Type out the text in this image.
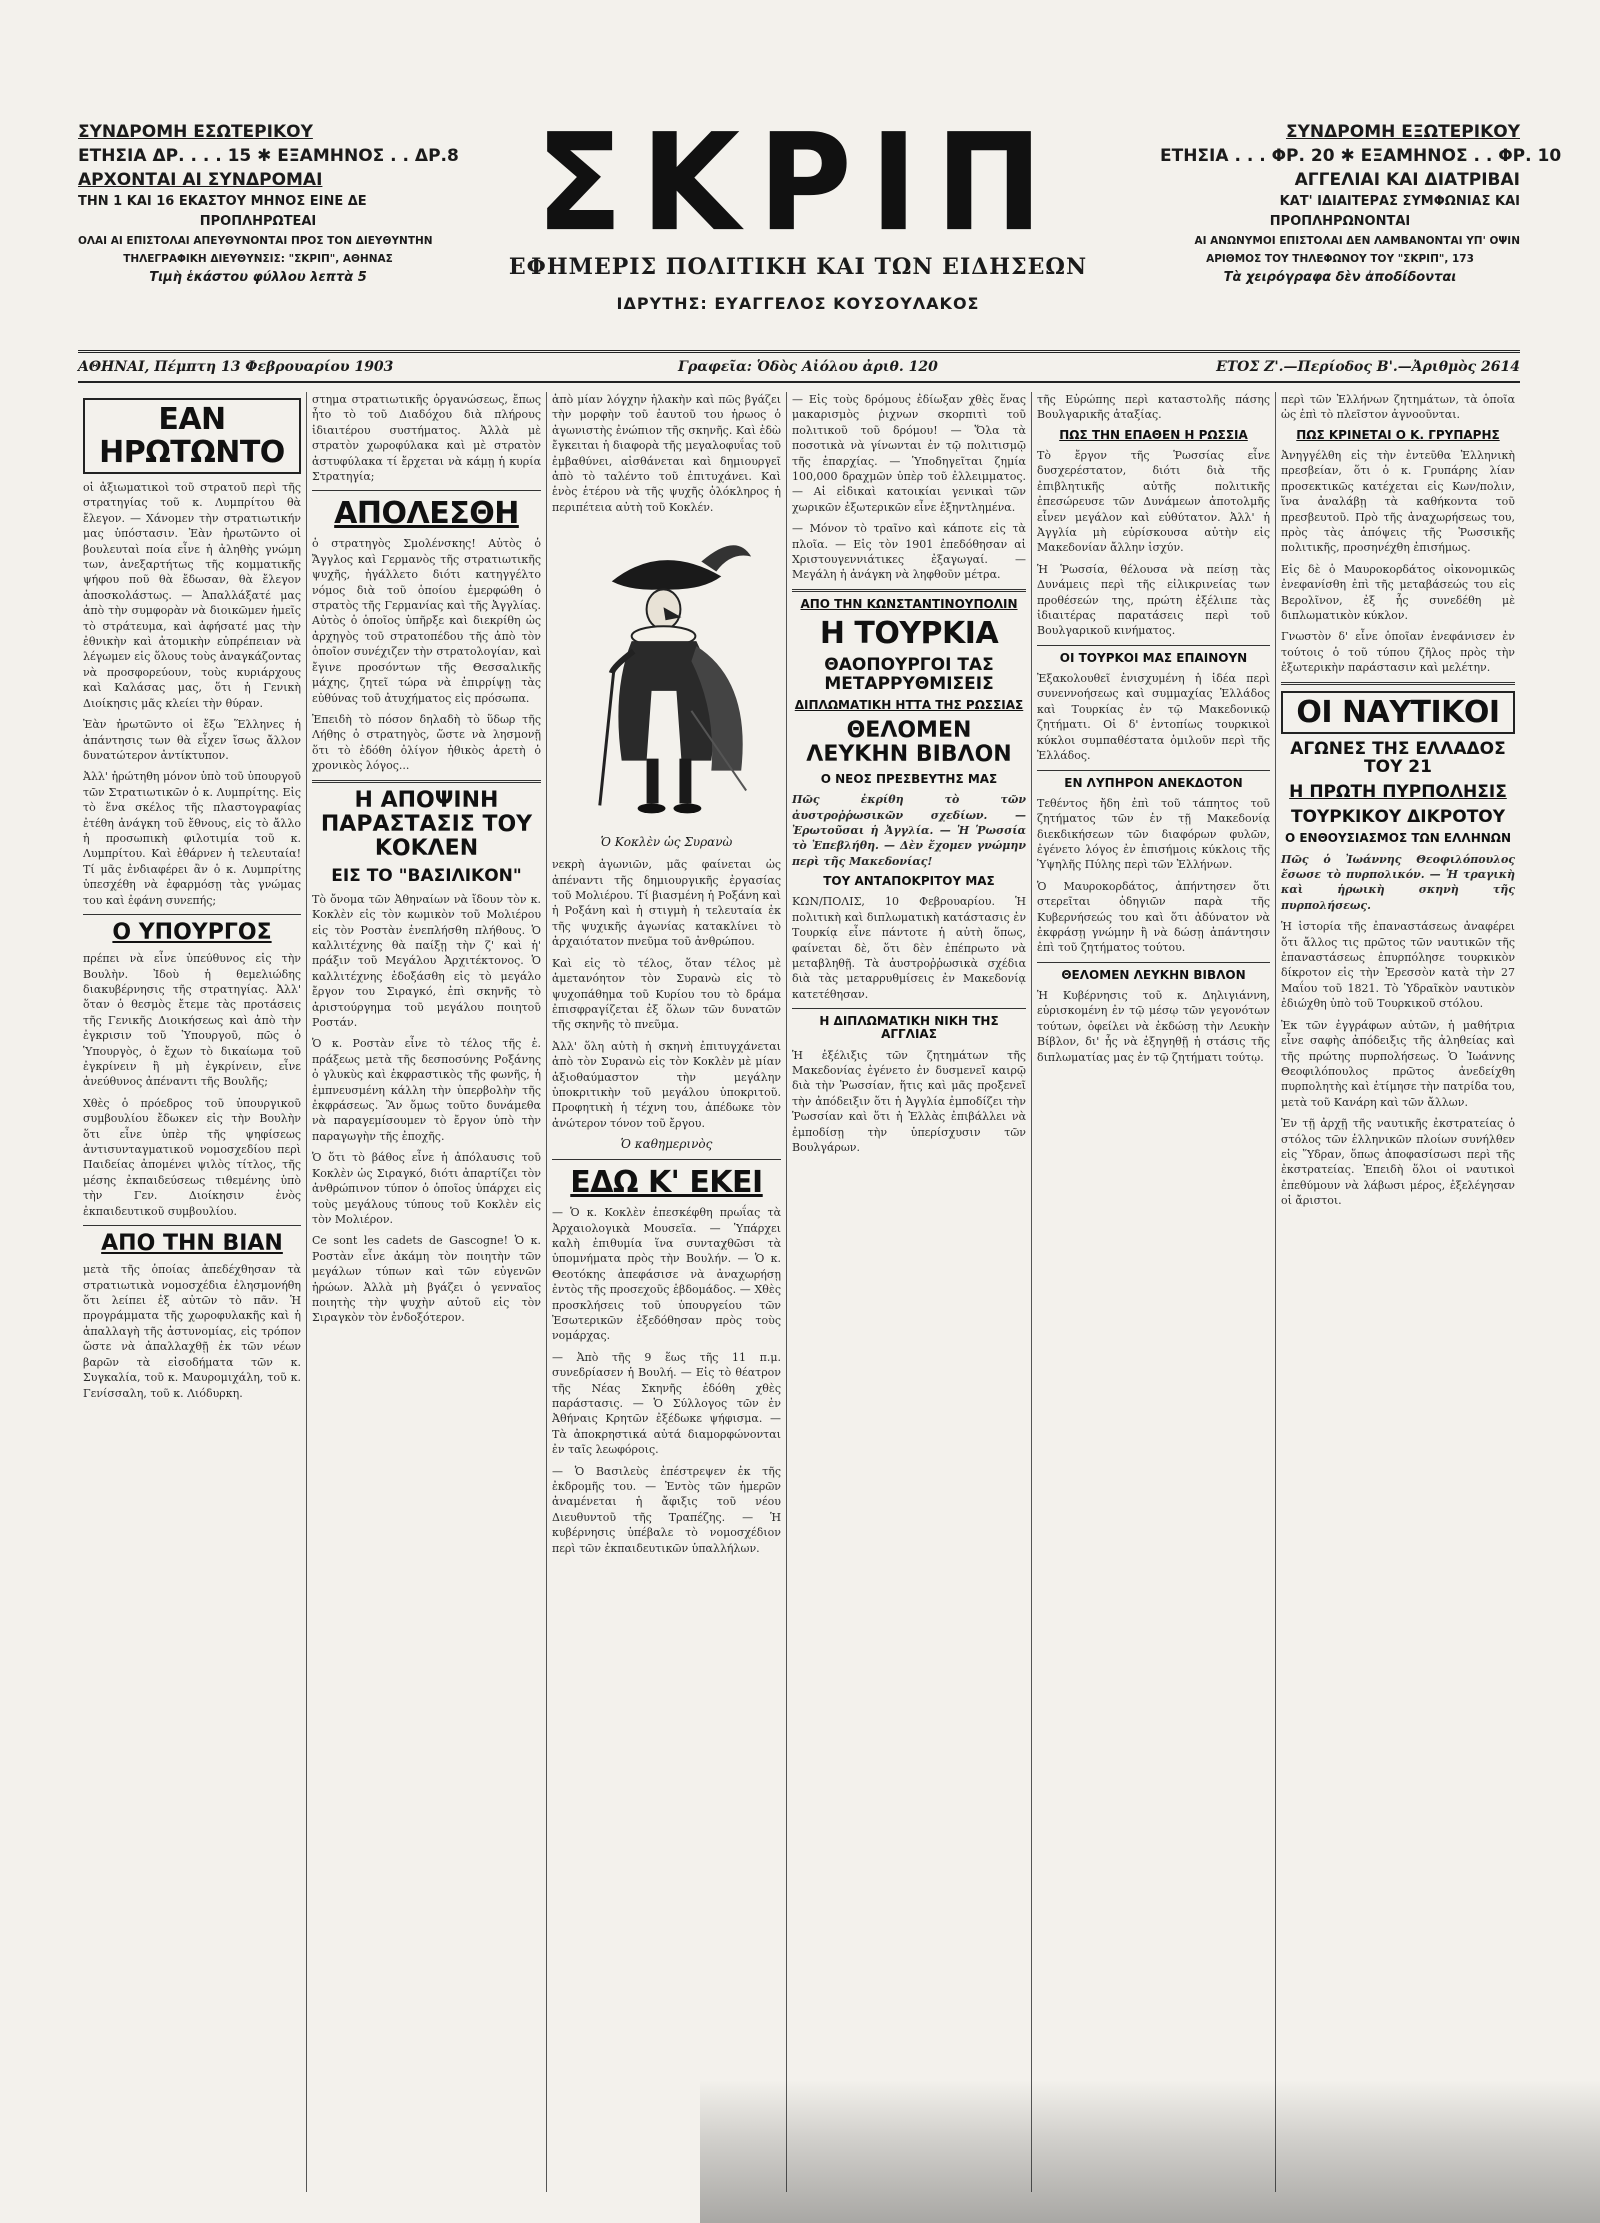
ΣΥΝΔΡΟΜΗ ΕΣΩΤΕΡΙΚΟΥ
ΕΤΗΣΙΑ ΔΡ. . . . 15 ✱ ΕΞΑΜΗΝΟΣ . . ΔΡ.8
ΑΡΧΟΝΤΑΙ ΑΙ ΣΥΝΔΡΟΜΑΙ
ΤΗΝ 1 ΚΑΙ 16 ΕΚΑΣΤΟΥ ΜΗΝΟΣ ΕΙΝΕ ΔΕ
ΠΡΟΠΛΗΡΩΤΕΑΙ
ΟΛΑΙ ΑΙ ΕΠΙΣΤΟΛΑΙ ΑΠΕΥΘΥΝΟΝΤΑΙ ΠΡΟΣ ΤΟΝ ΔΙΕΥΘΥΝΤΗΝ
ΤΗΛΕΓΡΑΦΙΚΗ ΔΙΕΥΘΥΝΣΙΣ: "ΣΚΡΙΠ", ΑΘΗΝΑΣ
Τιμὴ ἑκάστου φύλλου λεπτὰ 5
ΣΚΡΙΠ
ΕΦΗΜΕΡΙΣ ΠΟΛΙΤΙΚΗ ΚΑΙ ΤΩΝ ΕΙΔΗΣΕΩΝ
ΙΔΡΥΤΗΣ: ΕΥΑΓΓΕΛΟΣ ΚΟΥΣΟΥΛΑΚΟΣ
ΣΥΝΔΡΟΜΗ ΕΞΩΤΕΡΙΚΟΥ
ΕΤΗΣΙΑ . . . ΦΡ. 20 ✱ ΕΞΑΜΗΝΟΣ . . ΦΡ. 10
ΑΓΓΕΛΙΑΙ ΚΑΙ ΔΙΑΤΡΙΒΑΙ
ΚΑΤ' ΙΔΙΑΙΤΕΡΑΣ ΣΥΜΦΩΝΙΑΣ ΚΑΙ
ΠΡΟΠΛΗΡΩΝΟΝΤΑΙ
ΑΙ ΑΝΩΝΥΜΟΙ ΕΠΙΣΤΟΛΑΙ ΔΕΝ ΛΑΜΒΑΝΟΝΤΑΙ ΥΠ' ΟΨΙΝ
ΑΡΙΘΜΟΣ ΤΟΥ ΤΗΛΕΦΩΝΟΥ ΤΟΥ "ΣΚΡΙΠ", 173
Τὰ χειρόγραφα δὲν ἀποδίδονται
ΑΘΗΝΑΙ, Πέμπτη 13 Φεβρουαρίου 1903	Γραφεῖα: Ὁδὸς Αἰόλου ἀριθ. 120	ΕΤΟΣ Ζ'.—Περίοδος Β'.—Ἀριθμὸς 2614
ΕΑΝ ΗΡΩΤΩΝΤΟ

οἱ ἀξιωματικοὶ τοῦ στρατοῦ περὶ τῆς στρατηγίας τοῦ κ. Λυμπρίτου θὰ ἔλεγον. — Χάνομεν τὴν στρατιωτικήν μας ὑπόστασιν. Ἐὰν ἠρωτῶντο οἱ βουλευταὶ ποία εἶνε ἡ ἀληθὴς γνώμη των, ἀνεξαρτήτως τῆς κομματικῆς ψήφου ποῦ θὰ ἔδωσαν, θὰ ἔλεγον ἀποσκολάστως. — Ἀπαλλάξατέ μας ἀπὸ τὴν συμφορὰν νὰ διοικῶμεν ἡμεῖς τὸ στράτευμα, καὶ ἀφήσατέ μας τὴν ἐθνικὴν καὶ ἀτομικὴν εὐπρέπειαν νὰ λέγωμεν εἰς ὅλους τοὺς ἀναγκάζοντας νὰ προσφορεύουν, τοὺς κυριάρχους καὶ Καλάσας μας, ὅτι ἡ Γενικὴ Διοίκησις μᾶς κλείει τὴν θύραν.

Ἐὰν ἠρωτῶντο οἱ ἔξω Ἕλληνες ἡ ἀπάντησις των θὰ εἶχεν ἴσως ἄλλον δυνατώτερον ἀντίκτυπον.

Ἀλλ' ἠρώτηθη μόνον ὑπὸ τοῦ ὑπουργοῦ τῶν Στρατιωτικῶν ὁ κ. Λυμπρίτης. Εἰς τὸ ἕνα σκέλος τῆς πλαστογραφίας ἐτέθη ἀνάγκη τοῦ ἔθνους, εἰς τὸ ἄλλο ἡ προσωπικὴ φιλοτιμία τοῦ κ. Λυμπρίτου. Καὶ ἐθάρνεν ἡ τελευταία! Τί μᾶς ἐνδιαφέρει ἂν ὁ κ. Λυμπρίτης ὑπεσχέθη νὰ ἐφαρμόσῃ τὰς γνώμας του καὶ ἐφάνη συνεπής;

Ο ΥΠΟΥΡΓΟΣ

πρέπει νὰ εἶνε ὑπεύθυνος εἰς τὴν Βουλὴν. Ἰδοὺ ἡ θεμελιώδης διακυβέρνησις τῆς στρατηγίας. Ἀλλ' ὅταν ὁ θεσμὸς ἔτεμε τὰς προτάσεις τῆς Γενικῆς Διοικήσεως καὶ ἀπὸ τὴν ἐγκρισιν τοῦ Ὑπουργοῦ, πῶς ὁ Ὑπουργὸς, ὁ ἔχων τὸ δικαίωμα τοῦ ἐγκρίνειν ἢ μὴ ἐγκρίνειν, εἶνε ἀνεύθυνος ἀπέναντι τῆς Βουλῆς;

Χθὲς ὁ πρόεδρος τοῦ ὑπουργικοῦ συμβουλίου ἔδωκεν εἰς τὴν Βουλὴν ὅτι εἶνε ὑπὲρ τῆς ψηφίσεως ἀντισυνταγματικοῦ νομοσχεδίου περὶ Παιδείας ἀπομένει ψιλὸς τίτλος, τῆς μέσης ἐκπαιδεύσεως τιθεμένης ὑπὸ τὴν Γεν. Διοίκησιν ἑνὸς ἐκπαιδευτικοῦ συμβουλίου.

ΑΠΟ ΤΗΝ ΒΙΑΝ

μετὰ τῆς ὁποίας ἀπεδέχθησαν τὰ στρατιωτικὰ νομοσχέδια ἐλησμονήθη ὅτι λείπει ἐξ αὐτῶν τὸ πᾶν. Ἡ προγράμματα τῆς χωροφυλακῆς καὶ ἡ ἀπαλλαγὴ τῆς ἀστυνομίας, εἰς τρόπον ὥστε νὰ ἀπαλλαχθῇ ἐκ τῶν νέων βαρῶν τὰ εἰσοδήματα τῶν κ. Συγκαλία, τοῦ κ. Μαυρομιχάλη, τοῦ κ. Γενίσσαλη, τοῦ κ. Λιόδυρκη.

στημα στρατιωτικῆς ὀργανώσεως, ἔπως ἦτο τὸ τοῦ Διαδόχου διὰ πλήρους ἰδιαιτέρου συστήματος. Ἀλλὰ μὲ στρατὸν χωροφύλακα καὶ μὲ στρατὸν ἀστυφύλακα τί ἔρχεται νὰ κάμῃ ἡ κυρία Στρατηγία;

ΑΠΟΛΕΣΘΗ

ὁ στρατηγὸς Σμολένσκης! Αὐτὸς ὁ Ἄγγλος καὶ Γερμανὸς τῆς στρατιωτικῆς ψυχῆς, ἠγάλλετο διότι κατηγγέλτο νόμος διὰ τοῦ ὁποίου ἐμερφώθη ὁ στρατὸς τῆς Γερμανίας καὶ τῆς Ἀγγλίας. Αὐτὸς ὁ ὁποῖος ὑπῆρξε καὶ διεκρίθη ὡς ἀρχηγὸς τοῦ στρατοπέδου τῆς ἀπὸ τὸν ὁποῖον συνέχιζεν τὴν στρατολογίαν, καὶ ἔγινε προσόντων τῆς Θεσσαλικῆς μάχης, ζητεῖ τώρα νὰ ἐπιρρίψῃ τὰς εὐθύνας τοῦ ἀτυχήματος εἰς πρόσωπα.

Ἐπειδὴ τὸ πόσον δηλαδὴ τὸ ὕδωρ τῆς Λήθης ὁ στρατηγὸς, ὥστε νὰ λησμονῇ ὅτι τὸ ἐδόθη ὀλίγον ἠθικὸς ἀρετὴ ὁ χρονικὸς λόγος...

Η ΑΠΟΨΙΝΗ ΠΑΡΑΣΤΑΣΙΣ ΤΟΥ ΚΟΚΛΕΝ
ΕΙΣ ΤΟ "ΒΑΣΙΛΙΚΟΝ"

Τὸ ὄνομα τῶν Ἀθηναίων νὰ ἴδουν τὸν κ. Κοκλὲν εἰς τὸν κωμικὸν τοῦ Μολιέρου εἰς τὸν Ροστὰν ἐνεπλήσθη πλήθους. Ὁ καλλιτέχνης θὰ παίξῃ τὴν ζ' καὶ ἡ' πράξιν τοῦ Μεγάλου Ἀρχιτέκτονος. Ὁ καλλιτέχνης ἐδοξάσθη εἰς τὸ μεγάλο ἔργον του Σιραγκό, ἐπὶ σκηνῆς τὸ ἀριστούργημα τοῦ μεγάλου ποιητοῦ Ροστάν.

Ὁ κ. Ροστὰν εἶνε τὸ τέλος τῆς ἐ. πράξεως μετὰ τῆς δεσποσύνης Ροξάνης ὁ γλυκὺς καὶ ἐκφραστικὸς τῆς φωνῆς, ἡ ἐμπνευσμένη κάλλη τὴν ὑπερβολὴν τῆς ἐκφράσεως. Ἂν ὅμως τοῦτο δυνάμεθα νὰ παραγεμίσουμεν τὸ ἔργον ὑπὸ τὴν παραγωγὴν τῆς ἐποχῆς.

Ὁ ὅτι τὸ βάθος εἶνε ἡ ἀπόλαυσις τοῦ Κοκλὲν ὡς Σιραγκό, διότι ἀπαρτίζει τὸν ἀνθρώπινον τύπον ὁ ὁποῖος ὑπάρχει εἰς τοὺς μεγάλους τύπους τοῦ Κοκλὲν εἰς τὸν Μολιέρον.

Ce sont les cadets de Gascogne! Ὁ κ. Ροστὰν εἶνε ἀκάμη τὸν ποιητὴν τῶν μεγάλων τύπων καὶ τῶν εὐγενῶν ἡρώων. Ἀλλὰ μὴ βγάζει ὁ γενναῖος ποιητὴς τὴν ψυχὴν αὐτοῦ εἰς τὸν Σιραγκὸν τὸν ἐνδοξότερον.

ἀπὸ μίαν λόγχην ἠλακὴν καὶ πῶς βγάζει τὴν μορφὴν τοῦ ἑαυτοῦ του ἡρωος ὁ ἀγωνιστὴς ἐνώπιον τῆς σκηνῆς. Καὶ ἐδὼ ἔγκειται ἡ διαφορὰ τῆς μεγαλοφυΐας τοῦ ἐμβαθύνει, αἰσθάνεται καὶ δημιουργεῖ ἀπὸ τὸ ταλέντο τοῦ ἐπιτυχάνει. Καὶ ἑνὸς ἑτέρου νὰ τῆς ψυχῆς ὁλόκληρος ἡ περιπέτεια αὐτὴ τοῦ Κοκλέν.

Ὁ Κοκλὲν ὡς Συρανὼ

νεκρὴ ἀγωνιῶν, μᾶς φαίνεται ὡς ἀπέναντι τῆς δημιουργικῆς ἐργασίας τοῦ Μολιέρου. Τί βιασμένη ἡ Ροξάνη καὶ ἡ Ροξάνη καὶ ἡ στιγμὴ ἡ τελευταία ἐκ τῆς ψυχικῆς ἀγωνίας κατακλίνει τὸ ἀρχαιότατον πνεῦμα τοῦ ἀνθρώπου.

Καὶ εἰς τὸ τέλος, ὅταν τέλος μὲ ἀμετανόητον τὸν Συρανὼ εἰς τὸ ψυχοπάθημα τοῦ Κυρίου του τὸ δράμα ἐπισφραγίζεται ἐξ ὅλων τῶν δυνατῶν τῆς σκηνῆς τὸ πνεῦμα.

Ἀλλ' ὅλη αὐτὴ ἡ σκηνὴ ἐπιτυγχάνεται ἀπὸ τὸν Συρανὼ εἰς τὸν Κοκλὲν μὲ μίαν ἀξιοθαύμαστον τὴν μεγάλην ὑποκριτικὴν τοῦ μεγάλου ὑποκριτοῦ. Προφητικὴ ἡ τέχνη του, ἀπέδωκε τὸν ἀνώτερον τόνον τοῦ ἔργου.

Ὁ καθημερινὸς
ΕΔΩ Κ' ΕΚΕΙ

— Ὁ κ. Κοκλὲν ἐπεσκέφθη πρωΐας τὰ Ἀρχαιολογικὰ Μουσεῖα. — Ὑπάρχει καλὴ ἐπιθυμία ἵνα συνταχθῶσι τὰ ὑπομνήματα πρὸς τὴν Βουλήν. — Ὁ κ. Θεοτόκης ἀπεφάσισε νὰ ἀναχωρήσῃ ἐντὸς τῆς προσεχοῦς ἑβδομάδος. — Χθὲς προσκλήσεις τοῦ ὑπουργείου τῶν Ἐσωτερικῶν ἐξεδόθησαν πρὸς τοὺς νομάρχας.

— Ἀπὸ τῆς 9 ἕως τῆς 11 π.μ. συνεδρίασεν ἡ Βουλή. — Εἰς τὸ θέατρον τῆς Νέας Σκηνῆς ἐδόθη χθὲς παράστασις. — Ὁ Σύλλογος τῶν ἐν Ἀθήναις Κρητῶν ἐξέδωκε ψήφισμα. — Τὰ ἀποκρηστικά αὐτά διαμορφώνονται ἐν ταῖς λεωφόροις.

— Ὁ Βασιλεὺς ἐπέστρεψεν ἐκ τῆς ἐκδρομῆς του. — Ἐντὸς τῶν ἡμερῶν ἀναμένεται ἡ ἄφιξις τοῦ νέου Διευθυντοῦ τῆς Τραπέζης. — Ἡ κυβέρνησις ὑπέβαλε τὸ νομοσχέδιον περὶ τῶν ἐκπαιδευτικῶν ὑπαλλήλων.

— Εἰς τοὺς δρόμους ἐδίωξαν χθὲς ἕνας μακαρισμὸς ῥιχνων σκορπιτὶ τοῦ πολιτικοῦ τοῦ δρόμου! — Ὅλα τὰ ποσοτικὰ νὰ γίνωνται ἐν τῷ πολιτισμῷ τῆς ἐπαρχίας. — Ὑποδηγεῖται ζημία 100,000 δραχμῶν ὑπὲρ τοῦ ἐλλειμματος. — Αἱ εἰδικαὶ κατοικίαι γενικαὶ τῶν χωρικῶν ἐξωτερικῶν εἶνε ἐξηντλημένα.

— Μόνον τὸ τραῖνο καὶ κάποτε εἰς τὰ πλοῖα. — Εἰς τὸν 1901 ἐπεδόθησαν αἱ Χριστουγεννιάτικες ἐξαγωγαί. — Μεγάλη ἡ ἀνάγκη νὰ ληφθοῦν μέτρα.

ΑΠΟ ΤΗΝ ΚΩΝΣΤΑΝΤΙΝΟΥΠΟΛΙΝ
Η ΤΟΥΡΚΙΑ
ΘΑΟΠΟΥΡΓΟΙ ΤΑΣ ΜΕΤΑΡΡΥΘΜΙΣΕΙΣ
ΔΙΠΛΩΜΑΤΙΚΗ ΗΤΤΑ ΤΗΣ ΡΩΣΣΙΑΣ
ΘΕΛΟΜΕΝ ΛΕΥΚΗΝ ΒΙΒΛΟΝ
Ο ΝΕΟΣ ΠΡΕΣΒΕΥΤΗΣ ΜΑΣ

Πῶς ἐκρίθη τὸ τῶν ἀυστροῤῥωσικῶν σχεδίων. — Ἐρωτοῦσαι ἡ Ἀγγλία. — Ἡ Ῥωσσία τὸ Ἐπεβλήθη. — Δὲν ἔχομεν γνώμην περὶ τῆς Μακεδονίας!

ΤΟΥ ΑΝΤΑΠΟΚΡΙΤΟΥ ΜΑΣ

ΚΩΝ/ΠΟΛΙΣ, 10 Φεβρουαρίου. Ἡ πολιτικὴ καὶ διπλωματικὴ κατάστασις ἐν Τουρκίᾳ εἶνε πάντοτε ἡ αὐτὴ ὅπως, φαίνεται δὲ, ὅτι δὲν ἐπέπρωτο νὰ μεταβληθῇ. Τὰ ἀυστροῤῥωσικὰ σχέδια διὰ τὰς μεταρρυθμίσεις ἐν Μακεδονίᾳ κατετέθησαν.

Η ΔΙΠΛΩΜΑΤΙΚΗ ΝΙΚΗ ΤΗΣ ΑΓΓΛΙΑΣ

Ἡ ἐξέλιξις τῶν ζητημάτων τῆς Μακεδονίας ἐγένετο ἐν δυσμενεῖ καιρῷ διὰ τὴν Ῥωσσίαν, ἥτις καὶ μᾶς προξενεῖ τὴν ἀπόδειξιν ὅτι ἡ Ἀγγλία ἐμποδίζει τὴν Ῥωσσίαν καὶ ὅτι ἡ Ἑλλὰς ἐπιβάλλει νὰ ἐμποδίσῃ τὴν ὑπερίσχυσιν τῶν Βουλγάρων.

τῆς Εὐρώπης περὶ καταστολῆς πάσης Βουλγαρικῆς ἀταξίας.

ΠΩΣ ΤΗΝ ΕΠΑΘΕΝ Η ΡΩΣΣΙΑ

Τὸ ἔργον τῆς Ῥωσσίας εἶνε δυσχερέστατον, διότι διὰ τῆς ἐπιβλητικῆς αὐτῆς πολιτικῆς ἐπεσώρευσε τῶν Δυνάμεων ἀποτολμῆς εἶνεν μεγάλον καὶ εὐθύτατον. Ἀλλ' ἡ Ἀγγλία μὴ εὐρίσκουσα αὐτὴν εἰς Μακεδονίαν ἄλλην ἰσχύν.

Ἡ Ῥωσσία, θέλουσα νὰ πείσῃ τὰς Δυνάμεις περὶ τῆς εἰλικρινείας των προθέσεών της, πρώτη ἐξέλιπε τὰς ἰδιαιτέρας παρατάσεις περὶ τοῦ Βουλγαρικοῦ κινήματος.

ΟΙ ΤΟΥΡΚΟΙ ΜΑΣ ΕΠΑΙΝΟΥΝ

Ἐξακολουθεῖ ἐνισχυμένη ἡ ἰδέα περὶ συνεννοήσεως καὶ συμμαχίας Ἑλλάδος καὶ Τουρκίας ἐν τῷ Μακεδονικῷ ζητήματι. Οἱ δ' ἐντοπίως τουρκικοὶ κύκλοι συμπαθέστατα ὁμιλοῦν περὶ τῆς Ἑλλάδος.

ΕΝ ΛΥΠΗΡΟΝ ΑΝΕΚΔΟΤΟΝ

Τεθέντος ἤδη ἐπὶ τοῦ τάπητος τοῦ ζητήματος τῶν ἐν τῇ Μακεδονίᾳ διεκδικήσεων τῶν διαφόρων φυλῶν, ἐγένετο λόγος ἐν ἐπισήμοις κύκλοις τῆς Ὑψηλῆς Πύλης περὶ τῶν Ἑλλήνων.

Ὁ Μαυροκορδάτος, ἀπήντησεν ὅτι στερεῖται ὁδηγιῶν παρὰ τῆς Κυβερνήσεώς του καὶ ὅτι ἀδύνατον νὰ ἐκφράσῃ γνώμην ἢ νὰ δώσῃ ἀπάντησιν ἐπὶ τοῦ ζητήματος τούτου.

ΘΕΛΟΜΕΝ ΛΕΥΚΗΝ ΒΙΒΛΟΝ

Ἡ Κυβέρνησις τοῦ κ. Δηλιγιάννη, εὑρισκομένη ἐν τῷ μέσῳ τῶν γεγονότων τούτων, ὀφείλει νὰ ἐκδώσῃ τὴν Λευκὴν Βίβλον, δι' ἧς νὰ ἐξηγηθῇ ἡ στάσις τῆς διπλωματίας μας ἐν τῷ ζητήματι τούτῳ.

περὶ τῶν Ἑλλήνων ζητημάτων, τὰ ὁποῖα ὡς ἐπὶ τὸ πλεῖστον ἀγνοοῦνται.

ΠΩΣ ΚΡΙΝΕΤΑΙ Ο Κ. ΓΡΥΠΑΡΗΣ

Ἀνηγγέλθη εἰς τὴν ἐντεῦθα Ἑλληνικὴ πρεσβείαν, ὅτι ὁ κ. Γρυπάρης λίαν προσεκτικῶς κατέχεται εἰς Κων/πολιν, ἵνα ἀναλάβῃ τὰ καθήκοντα τοῦ πρεσβευτοῦ. Πρὸ τῆς ἀναχωρήσεως του, πρὸς τὰς ἀπόψεις τῆς Ῥωσσικῆς πολιτικῆς, προσηνέχθη ἐπισήμως.

Εἰς δὲ ὁ Μαυροκορδάτος οἰκονομικῶς ἐνεφανίσθη ἐπὶ τῆς μεταβάσεώς του εἰς Βερολῖνον, ἐξ ἧς συνεδέθη μὲ διπλωματικὸν κύκλον.

Γνωστὸν δ' εἶνε ὁποῖαν ἐνεφάνισεν ἐν τούτοις ὁ τοῦ τύπου ζῆλος πρὸς τὴν ἐξωτερικὴν παράστασιν καὶ μελέτην.

ΟΙ ΝΑΥΤΙΚΟΙ
ΑΓΩΝΕΣ ΤΗΣ ΕΛΛΑΔΟΣ ΤΟΥ 21
Η ΠΡΩΤΗ ΠΥΡΠΟΛΗΣΙΣ
ΤΟΥΡΚΙΚΟΥ ΔΙΚΡΟΤΟΥ
Ο ΕΝΘΟΥΣΙΑΣΜΟΣ ΤΩΝ ΕΛΛΗΝΩΝ

Πῶς ὁ Ἰωάννης Θεοφιλόπουλος ἔσωσε τὸ πυρπολικόν. — Ἡ τραγικὴ καὶ ἡρωικὴ σκηνὴ τῆς πυρπολήσεως.

Ἡ ἱστορία τῆς ἐπαναστάσεως ἀναφέρει ὅτι ἄλλος τις πρῶτος τῶν ναυτικῶν τῆς ἐπαναστάσεως ἐπυρπόλησε τουρκικὸν δίκροτον εἰς τὴν Ἐρεσσὸν κατὰ τὴν 27 Μαΐου τοῦ 1821. Τὸ Ὑδραῖκὸν ναυτικὸν ἐδιώχθη ὑπὸ τοῦ Τουρκικοῦ στόλου.

Ἐκ τῶν ἐγγράφων αὐτῶν, ἡ μαθήτρια εἶνε σαφὴς ἀπόδειξις τῆς ἀληθείας καὶ τῆς πρώτης πυρπολήσεως. Ὁ Ἰωάννης Θεοφιλόπουλος πρῶτος ἀνεδείχθη πυρπολητὴς καὶ ἐτίμησε τὴν πατρίδα του, μετὰ τοῦ Κανάρη καὶ τῶν ἄλλων.

Ἐν τῇ ἀρχῇ τῆς ναυτικῆς ἐκστρατείας ὁ στόλος τῶν ἑλληνικῶν πλοίων συνήλθεν εἰς Ὕδραν, ὅπως ἀποφασίσωσι περὶ τῆς ἐκστρατείας. Ἐπειδὴ ὅλοι οἱ ναυτικοὶ ἐπεθύμουν νὰ λάβωσι μέρος, ἐξελέγησαν οἱ ἄριστοι.
